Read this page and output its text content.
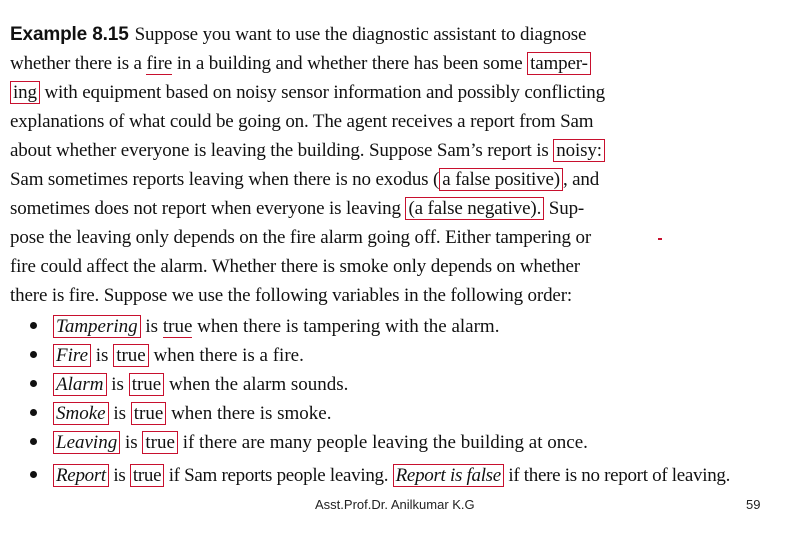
Example 8.15 Suppose you want to use the diagnostic assistant to diagnose
whether there is a fire in a building and whether there has been some tamper-
ing with equipment based on noisy sensor information and possibly conflicting
explanations of what could be going on. The agent receives a report from Sam
about whether everyone is leaving the building. Suppose Sam’s report is noisy:
Sam sometimes reports leaving when there is no exodus ( a false positive) , and
sometimes does not report when everyone is leaving (a false negative). Sup-
pose the leaving only depends on the fire alarm going off. Either tampering or
fire could affect the alarm. Whether there is smoke only depends on whether
there is fire. Suppose we use the following variables in the following order:
Tampering is true when there is tampering with the alarm.
Fire is true when there is a fire.
Alarm is true when the alarm sounds.
Smoke is true when there is smoke.
Leaving is true if there are many people leaving the building at once.
Report is true if Sam reports people leaving. Report is false if there is no report of leaving.
Asst.Prof.Dr. Anilkumar K.G	59
